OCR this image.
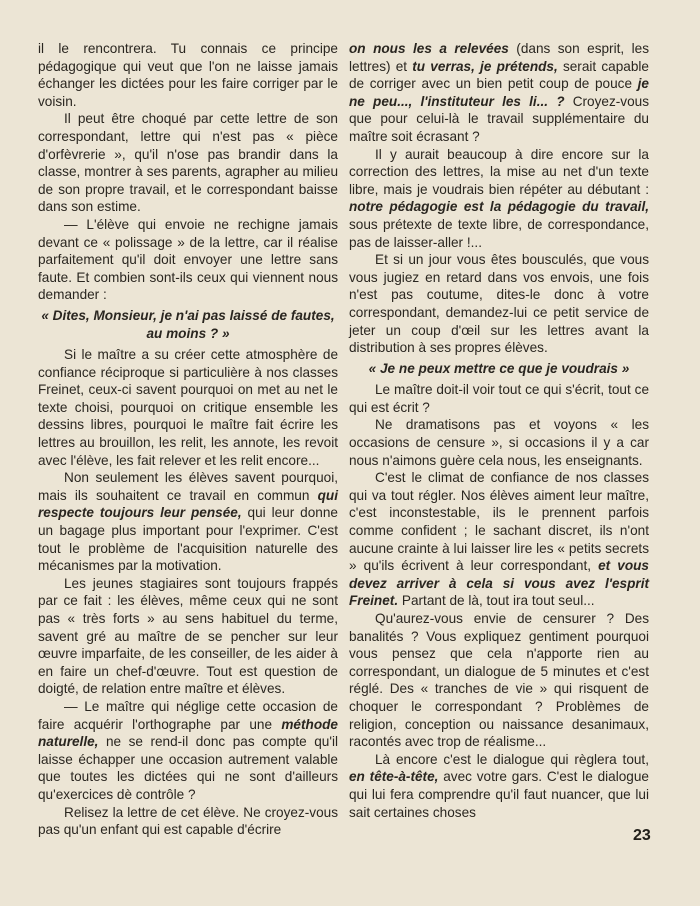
il le rencontrera. Tu connais ce principe pédagogique qui veut que l'on ne laisse jamais échanger les dictées pour les faire corriger par le voisin.

Il peut être choqué par cette lettre de son correspondant, lettre qui n'est pas « pièce d'orfèvrerie », qu'il n'ose pas brandir dans la classe, montrer à ses parents, agrapher au milieu de son propre travail, et le correspondant baisse dans son estime.

— L'élève qui envoie ne rechigne jamais devant ce « polissage » de la lettre, car il réalise parfaitement qu'il doit envoyer une lettre sans faute. Et combien sont-ils ceux qui viennent nous demander :

« Dites, Monsieur, je n'ai pas laissé de fautes, au moins ? »

Si le maître a su créer cette atmosphère de confiance réciproque si particulière à nos classes Freinet, ceux-ci savent pourquoi on met au net le texte choisi, pourquoi on critique ensemble les dessins libres, pourquoi le maître fait écrire les lettres au brouillon, les relit, les annote, les revoit avec l'élève, les fait relever et les relit encore...

Non seulement les élèves savent pourquoi, mais ils souhaitent ce travail en commun qui respecte toujours leur pensée, qui leur donne un bagage plus important pour l'exprimer. C'est tout le problème de l'acquisition naturelle des mécanismes par la motivation.

Les jeunes stagiaires sont toujours frappés par ce fait : les élèves, même ceux qui ne sont pas « très forts » au sens habituel du terme, savent gré au maître de se pencher sur leur œuvre imparfaite, de les conseiller, de les aider à en faire un chef-d'œuvre. Tout est question de doigté, de relation entre maître et élèves.

— Le maître qui néglige cette occasion de faire acquérir l'orthographe par une méthode naturelle, ne se rend-il donc pas compte qu'il laisse échapper une occasion autrement valable que toutes les dictées qui ne sont d'ailleurs qu'exercices dè contrôle ?

Relisez la lettre de cet élève. Ne croyez-vous pas qu'un enfant qui est capable d'écrire

on nous les a relevées (dans son esprit, les lettres) et tu verras, je prétends, serait capable de corriger avec un bien petit coup de pouce je ne peu..., l'instituteur les li... ? Croyez-vous que pour celui-là le travail supplémentaire du maître soit écrasant ?

Il y aurait beaucoup à dire encore sur la correction des lettres, la mise au net d'un texte libre, mais je voudrais bien répéter au débutant : notre pédagogie est la pédagogie du travail, sous prétexte de texte libre, de correspondance, pas de laisser-aller !...

Et si un jour vous êtes bousculés, que vous vous jugiez en retard dans vos envois, une fois n'est pas coutume, dites-le donc à votre correspondant, demandez-lui ce petit service de jeter un coup d'œil sur les lettres avant la distribution à ses propres élèves.

« Je ne peux mettre ce que je voudrais »

Le maître doit-il voir tout ce qui s'écrit, tout ce qui est écrit ?

Ne dramatisons pas et voyons « les occasions de censure », si occasions il y a car nous n'aimons guère cela nous, les enseignants.

C'est le climat de confiance de nos classes qui va tout régler. Nos élèves aiment leur maître, c'est inconstestable, ils le prennent parfois comme confident ; le sachant discret, ils n'ont aucune crainte à lui laisser lire les « petits secrets » qu'ils écrivent à leur correspondant, et vous devez arriver à cela si vous avez l'esprit Freinet. Partant de là, tout ira tout seul...

Qu'aurez-vous envie de censurer ? Des banalités ? Vous expliquez gentiment pourquoi vous pensez que cela n'apporte rien au correspondant, un dialogue de 5 minutes et c'est réglé. Des « tranches de vie » qui risquent de choquer le correspondant ? Problèmes de religion, conception ou naissance desanimaux, racontés avec trop de réalisme...

Là encore c'est le dialogue qui règlera tout, en tête-à-tête, avec votre gars. C'est le dialogue qui lui fera comprendre qu'il faut nuancer, que lui sait certaines choses

23
